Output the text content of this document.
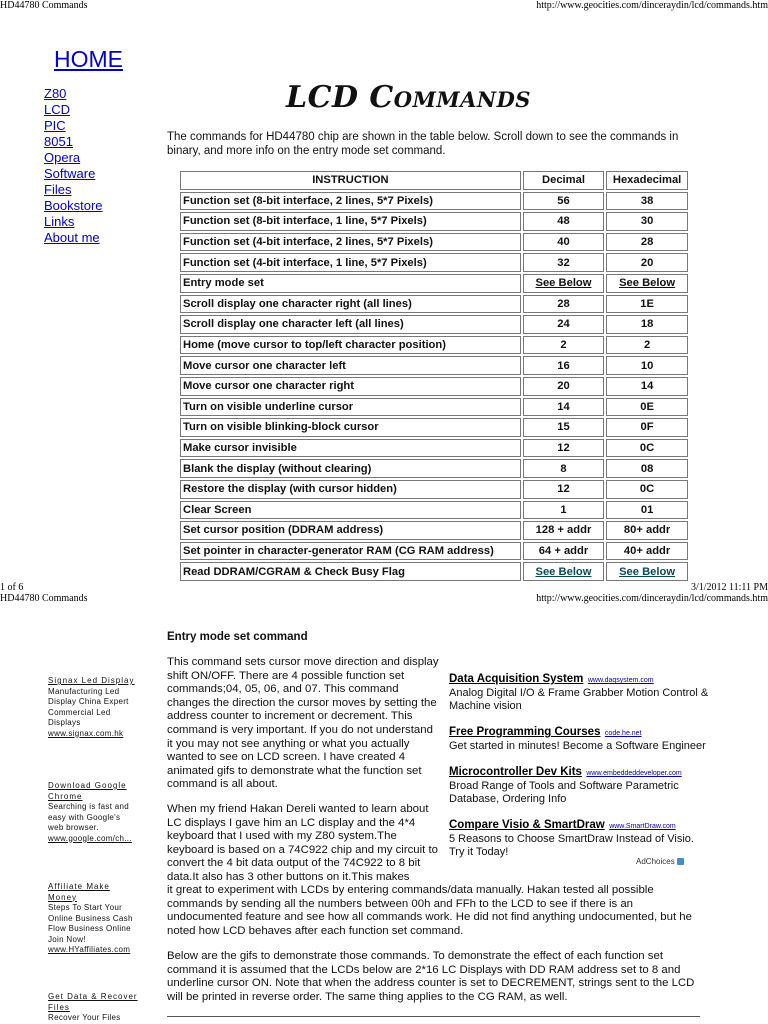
HD44780 Commands	http://www.geocities.com/dinceraydin/lcd/commands.htm
HOME
Z80
LCD
PIC
8051
Opera
Software
Files
Bookstore
Links
About me
LCD Commands
The commands for HD44780 chip are shown in the table below. Scroll down to see the commands in binary, and more info on the entry mode set command.
INSTRUCTION	Decimal	Hexadecimal
Function set (8-bit interface, 2 lines, 5*7 Pixels)	56	38
Function set (8-bit interface, 1 line, 5*7 Pixels)	48	30
Function set (4-bit interface, 2 lines, 5*7 Pixels)	40	28
Function set (4-bit interface, 1 line, 5*7 Pixels)	32	20
Entry mode set	See Below	See Below
Scroll display one character right (all lines)	28	1E
Scroll display one character left (all lines)	24	18
Home (move cursor to top/left character position)	2	2
Move cursor one character left	16	10
Move cursor one character right	20	14
Turn on visible underline cursor	14	0E
Turn on visible blinking-block cursor	15	0F
Make cursor invisible	12	0C
Blank the display (without clearing)	8	08
Restore the display (with cursor hidden)	12	0C
Clear Screen	1	01
Set cursor position (DDRAM address)	128 + addr	80+ addr
Set pointer in character-generator RAM (CG RAM address)	64 + addr	40+ addr
Read DDRAM/CGRAM & Check Busy Flag	See Below	See Below
1 of 6	3/1/2012 11:11 PM
HD44780 Commands	http://www.geocities.com/dinceraydin/lcd/commands.htm
Entry mode set command
This command sets cursor move direction and display shift ON/OFF. There are 4 possible function set commands;04, 05, 06, and 07. This command changes the direction the cursor moves by setting the address counter to increment or decrement. This command is very important. If you do not understand it you may not see anything or what you actually wanted to see on LCD screen. I have created 4 animated gifs to demonstrate what the function set command is all about.
When my friend Hakan Dereli wanted to learn about LC displays I gave him an LC display and the 4*4 keyboard that I used with my Z80 system.The keyboard is based on a 74C922 chip and my circuit to convert the 4 bit data output of the 74C922 to 8 bit data.It also has 3 other buttons on it.This makes
it great to experiment with LCDs by entering commands/data manually. Hakan tested all possible commands by sending all the numbers between 00h and FFh to the LCD to see if there is an undocumented feature and see how all commands work. He did not find anything undocumented, but he noted how LCD behaves after each function set command.
Below are the gifs to demonstrate those commands. To demonstrate the effect of each function set command it is assumed that the LCDs below are 2*16 LC Displays with DD RAM address set to 8 and underline cursor ON. Note that when the address counter is set to DECREMENT, strings sent to the LCD will be printed in reverse order. The same thing applies to the CG RAM, as well.
Data Acquisition System www.daqsystem.com
Analog Digital I/O & Frame Grabber Motion Control & Machine vision
Free Programming Courses code.he.net
Get started in minutes! Become a Software Engineer
Microcontroller Dev Kits www.embeddeddeveloper.com
Broad Range of Tools and Software Parametric Database, Ordering Info
Compare Visio & SmartDraw www.SmartDraw.com
5 Reasons to Choose SmartDraw Instead of Visio. Try it Today!
AdChoices
Signax Led Display
Manufacturing Led Display China Expert Commercial Led Displays
www.signax.com.hk
Download Google Chrome
Searching is fast and easy with Google's web browser.
www.google.com/ch...
Affiliate Make Money
Steps To Start Your Online Business Cash Flow Business Online Join Now!
www.HYaffiliates.com
Get Data & Recover Files
Recover Your Files
